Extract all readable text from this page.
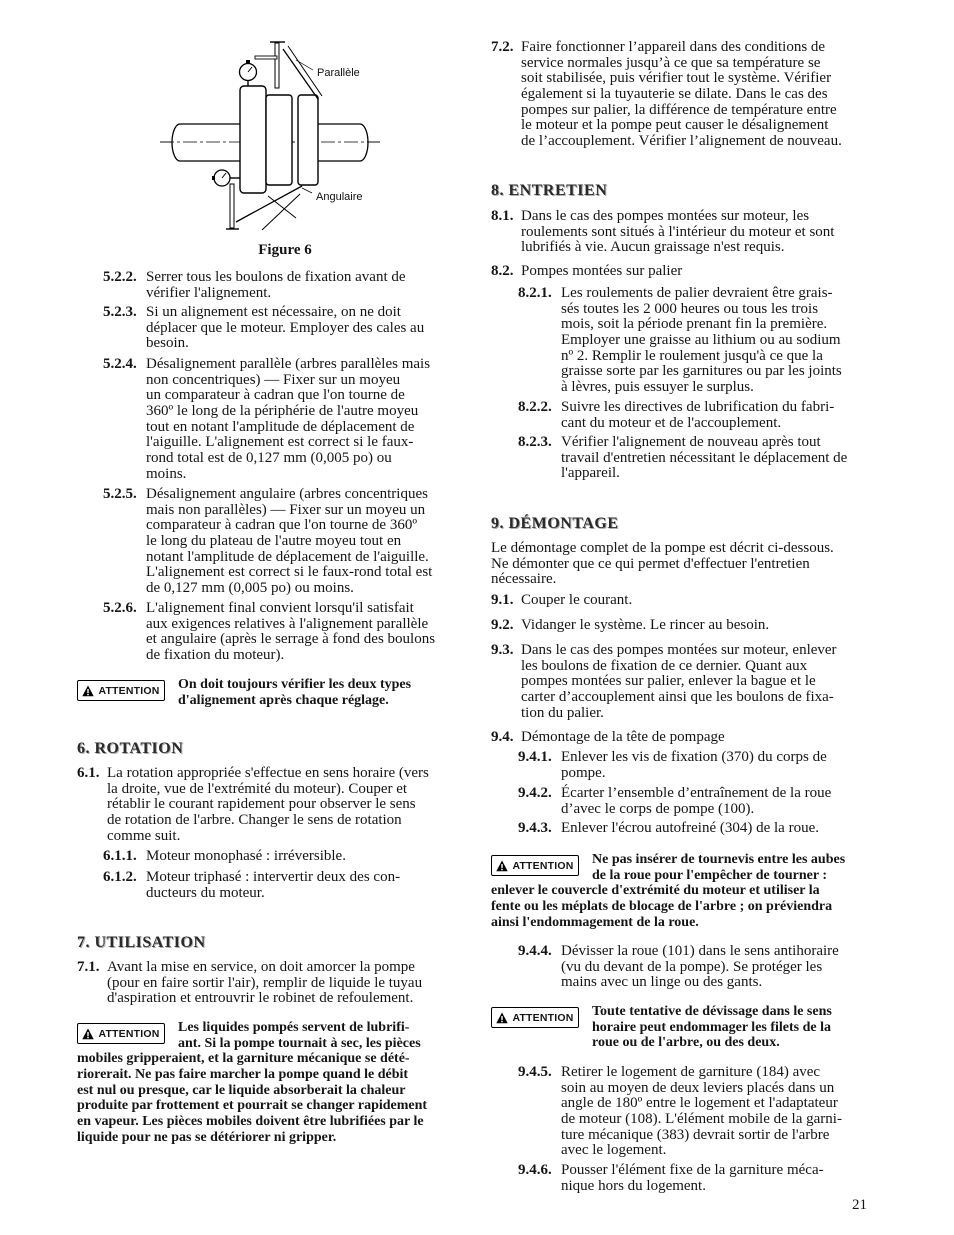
Parallèle
Angulaire
Figure 6
5.2.2. Serrer tous les boulons de fixation avant de
vérifier l'alignement.
5.2.3. Si un alignement est nécessaire, on ne doit
déplacer que le moteur. Employer des cales au
besoin.
5.2.4. Désalignement parallèle (arbres parallèles mais
non concentriques) — Fixer sur un moyeu
un comparateur à cadran que l'on tourne de
360º le long de la périphérie de l'autre moyeu
tout en notant l'amplitude de déplacement de
l'aiguille. L'alignement est correct si le faux-
rond total est de 0,127 mm (0,005 po) ou
moins.
5.2.5. Désalignement angulaire (arbres concentriques
mais non parallèles) — Fixer sur un moyeu un
comparateur à cadran que l'on tourne de 360º
le long du plateau de l'autre moyeu tout en
notant l'amplitude de déplacement de l'aiguille.
L'alignement est correct si le faux-rond total est
de 0,127 mm (0,005 po) ou moins.
5.2.6. L'alignement final convient lorsqu'il satisfait
aux exigences relatives à l'alignement parallèle
et angulaire (après le serrage à fond des boulons
de fixation du moteur).
ATTENTION	On doit toujours vérifier les deux types
d'alignement après chaque réglage.
6. ROTATION
6.1. La rotation appropriée s'effectue en sens horaire (vers
la droite, vue de l'extrémité du moteur). Couper et
rétablir le courant rapidement pour observer le sens
de rotation de l'arbre. Changer le sens de rotation
comme suit.
6.1.1. Moteur monophasé : irréversible.
6.1.2. Moteur triphasé : intervertir deux des con-
ducteurs du moteur.
7. UTILISATION
7.1. Avant la mise en service, on doit amorcer la pompe
(pour en faire sortir l'air), remplir de liquide le tuyau
d'aspiration et entrouvrir le robinet de refoulement.
ATTENTION	Les liquides pompés servent de lubrifi-
ant. Si la pompe tournait à sec, les pièces
mobiles gripperaient, et la garniture mécanique se dété-
riorerait. Ne pas faire marcher la pompe quand le débit
est nul ou presque, car le liquide absorberait la chaleur
produite par frottement et pourrait se changer rapidement
en vapeur. Les pièces mobiles doivent être lubrifiées par le
liquide pour ne pas se détériorer ni gripper.
7.2. Faire fonctionner l’appareil dans des conditions de
service normales jusqu’à ce que sa température se
soit stabilisée, puis vérifier tout le système. Vérifier
également si la tuyauterie se dilate. Dans le cas des
pompes sur palier, la différence de température entre
le moteur et la pompe peut causer le désalignement
de l’accouplement. Vérifier l’alignement de nouveau.
8. ENTRETIEN
8.1. Dans le cas des pompes montées sur moteur, les
roulements sont situés à l'intérieur du moteur et sont
lubrifiés à vie. Aucun graissage n'est requis.
8.2. Pompes montées sur palier
8.2.1. Les roulements de palier devraient être grais-
sés toutes les 2 000 heures ou tous les trois
mois, soit la période prenant fin la première.
Employer une graisse au lithium ou au sodium
nº 2. Remplir le roulement jusqu'à ce que la
graisse sorte par les garnitures ou par les joints
à lèvres, puis essuyer le surplus.
8.2.2. Suivre les directives de lubrification du fabri-
cant du moteur et de l'accouplement.
8.2.3. Vérifier l'alignement de nouveau après tout
travail d'entretien nécessitant le déplacement de
l'appareil.
9. DÉMONTAGE
Le démontage complet de la pompe est décrit ci-dessous.
Ne démonter que ce qui permet d'effectuer l'entretien
nécessaire.
9.1. Couper le courant.
9.2. Vidanger le système. Le rincer au besoin.
9.3. Dans le cas des pompes montées sur moteur, enlever
les boulons de fixation de ce dernier. Quant aux
pompes montées sur palier, enlever la bague et le
carter d’accouplement ainsi que les boulons de fixa-
tion du palier.
9.4. Démontage de la tête de pompage
9.4.1. Enlever les vis de fixation (370) du corps de
pompe.
9.4.2. Écarter l’ensemble d’entraînement de la roue
d’avec le corps de pompe (100).
9.4.3. Enlever l'écrou autofreiné (304) de la roue.
ATTENTION	Ne pas insérer de tournevis entre les aubes
de la roue pour l'empêcher de tourner :
enlever le couvercle d'extrémité du moteur et utiliser la
fente ou les méplats de blocage de l'arbre ; on préviendra
ainsi l'endommagement de la roue.
9.4.4. Dévisser la roue (101) dans le sens antihoraire
(vu du devant de la pompe). Se protéger les
mains avec un linge ou des gants.
ATTENTION	Toute tentative de dévissage dans le sens
horaire peut endommager les filets de la
roue ou de l'arbre, ou des deux.
9.4.5. Retirer le logement de garniture (184) avec
soin au moyen de deux leviers placés dans un
angle de 180º entre le logement et l'adaptateur
de moteur (108). L'élément mobile de la garni-
ture mécanique (383) devrait sortir de l'arbre
avec le logement.
9.4.6. Pousser l'élément fixe de la garniture méca-
nique hors du logement.
21
